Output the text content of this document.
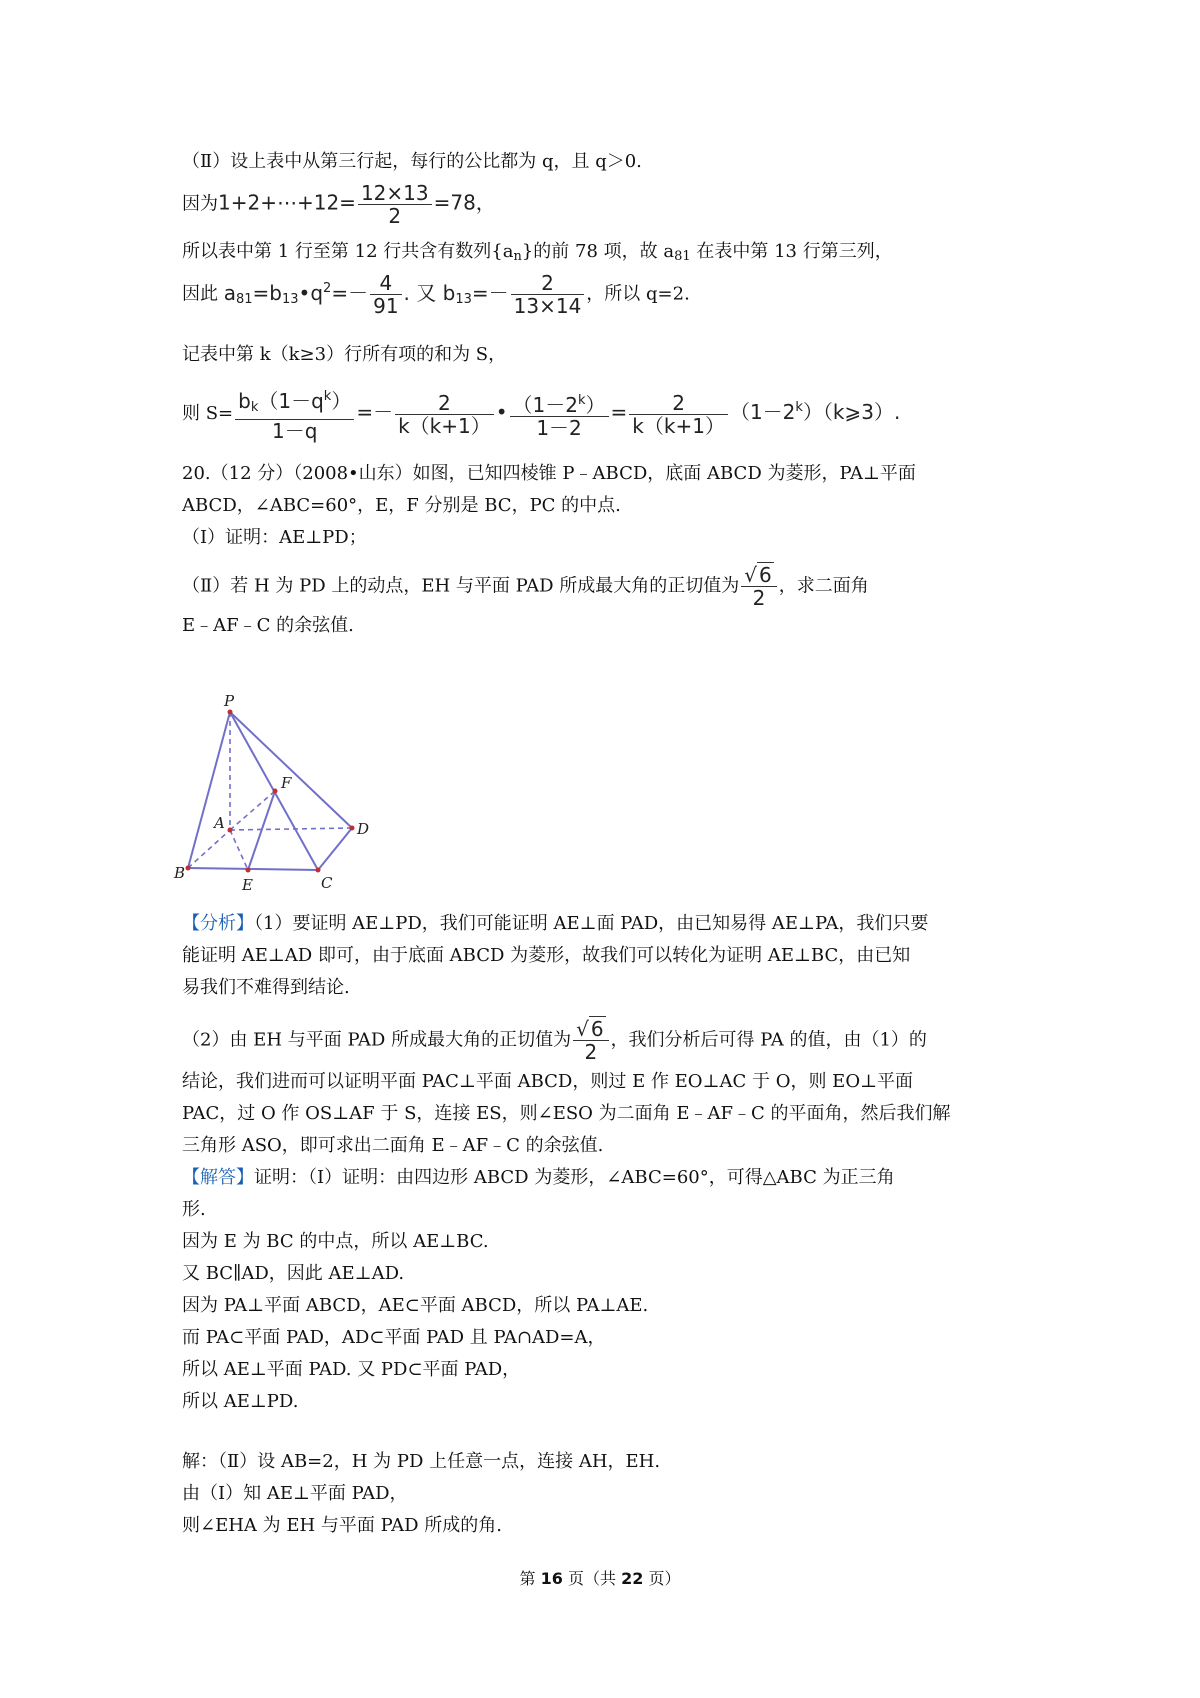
（Ⅱ）设上表中从第三行起，每行的公比都为 q，且 q＞0.
因为1+2+⋯+12= $\frac{12\times 13}{2} =78$，
所以表中第 1 行至第 12 行共含有数列$\{a_n\}$的前 78 项，故 $a_{81}$ 在表中第 13 行第三列，
因此 $a_{81}=b_{13}•q^2=- \frac{4}{91}$ . 又 $b_{13}=- \frac{2}{13\times 14}$ ，所以 q=2.
记表中第 k（k≥3）行所有项的和为 S，
则 $S= \frac{b_k(1-q^k)}{1-q} =- \frac{2}{k(k+1)}$ • $\frac{(1-2^k)}{1-2} = \frac{2}{k(k+1)}$ $(1-2^k)(k⩾3)$.
20.（12 分）（2008•山东）如图，已知四棱锥 P﹣ABCD，底面 ABCD 为菱形，PA⊥平面
ABCD，∠ABC=60°，E，F 分别是 BC，PC 的中点.
（Ⅰ）证明：AE⊥PD；
（Ⅱ）若 H 为 PD 上的动点，EH 与平面 PAD 所成最大角的正切值为 $\frac{√ 6}{2}$ ，求二面角
E﹣AF﹣C 的余弦值.
P
F
A	D
B
E	C
【分析】（1）要证明 AE⊥PD，我们可能证明 AE⊥面 PAD，由已知易得 AE⊥PA，我们只要
能证明 AE⊥AD 即可，由于底面 ABCD 为菱形，故我们可以转化为证明 AE⊥BC，由已知
易我们不难得到结论.
（2）由 EH 与平面 PAD 所成最大角的正切值为 $\frac{√ 6}{2}$ ，我们分析后可得 PA 的值，由（1）的
结论，我们进而可以证明平面 PAC⊥平面 ABCD，则过 E 作 EO⊥AC 于 O，则 EO⊥平面
PAC，过 O 作 OS⊥AF 于 S，连接 ES，则∠ESO 为二面角 E﹣AF﹣C 的平面角，然后我们解
三角形 ASO，即可求出二面角 E﹣AF﹣C 的余弦值.
【解答】证明：（Ⅰ）证明：由四边形 ABCD 为菱形，∠ABC=60°，可得△ABC 为正三角
形.
因为 E 为 BC 的中点，所以 AE⊥BC.
又 BC∥AD，因此 AE⊥AD.
因为 PA⊥平面 ABCD，AE⊂平面 ABCD，所以 PA⊥AE.
而 PA⊂平面 PAD，AD⊂平面 PAD 且 PA∩AD=A，
所以 AE⊥平面 PAD. 又 PD⊂平面 PAD，
所以 AE⊥PD.
解：（Ⅱ）设 AB=2，H 为 PD 上任意一点，连接 AH，EH.
由（Ⅰ）知 AE⊥平面 PAD，
则∠EHA 为 EH 与平面 PAD 所成的角.
第 16 页（共 22 页）
